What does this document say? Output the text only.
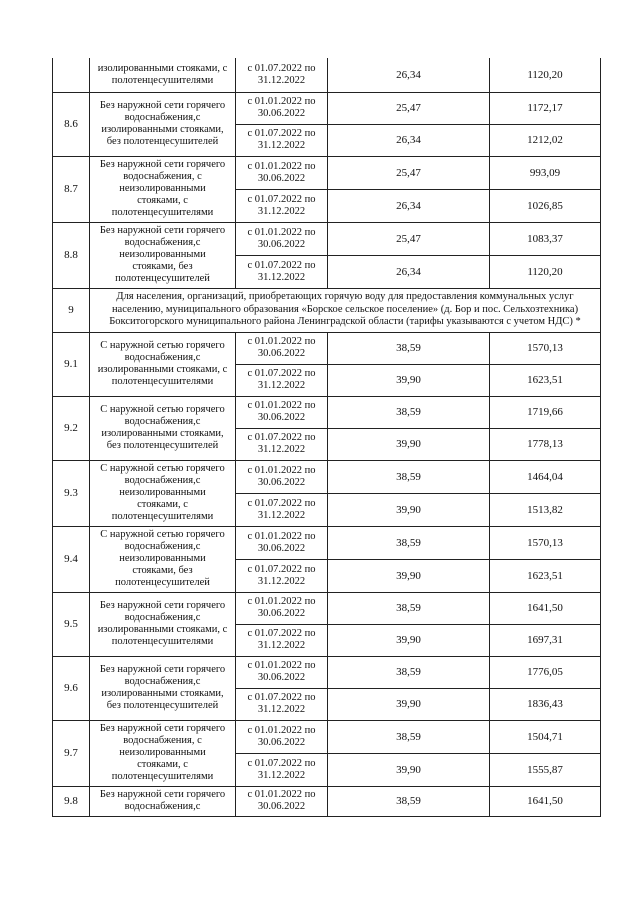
	изолированными стояками, с
полотенцесушителями	с 01.07.2022 по
31.12.2022	26,34	1120,20
8.6	Без наружной сети горячего
водоснабжения,с
изолированными стояками,
без полотенцесушителей	с 01.01.2022 по
30.06.2022	25,47	1172,17

		с 01.07.2022 по
31.12.2022	26,34	1212,02
8.7	Без наружной сети горячего
водоснабжения, с
неизолированными
стояками, с
полотенцесушителями	с 01.01.2022 по
30.06.2022	25,47	993,09

		с 01.07.2022 по
31.12.2022	26,34	1026,85
8.8	Без наружной сети горячего
водоснабжения,с
неизолированными
стояками, без
полотенцесушителей	с 01.01.2022 по
30.06.2022	25,47	1083,37

		с 01.07.2022 по
31.12.2022	26,34	1120,20
9	Для населения, организаций, приобретающих горячую воду для предоставления коммунальных услуг
населению, муниципального образования «Борское сельское поселение» (д. Бор и пос. Сельхозтехника)
Бокситогорского муниципального района Ленинградской области (тарифы указываются с учетом НДС) *			

9.1	С наружной сетью горячего
водоснабжения,с
изолированными стояками, с
полотенцесушителями	с 01.01.2022 по
30.06.2022	38,59	1570,13

		с 01.07.2022 по
31.12.2022	39,90	1623,51
9.2	С наружной сетью горячего
водоснабжения,с
изолированными стояками,
без полотенцесушителей	с 01.01.2022 по
30.06.2022	38,59	1719,66

		с 01.07.2022 по
31.12.2022	39,90	1778,13
9.3	С наружной сетью горячего
водоснабжения,с
неизолированными
стояками, с
полотенцесушителями	с 01.01.2022 по
30.06.2022	38,59	1464,04

		с 01.07.2022 по
31.12.2022	39,90	1513,82
9.4	С наружной сетью горячего
водоснабжения,с
неизолированными
стояками, без
полотенцесушителей	с 01.01.2022 по
30.06.2022	38,59	1570,13

		с 01.07.2022 по
31.12.2022	39,90	1623,51
9.5	Без наружной сети горячего
водоснабжения,с
изолированными стояками, с
полотенцесушителями	с 01.01.2022 по
30.06.2022	38,59	1641,50

		с 01.07.2022 по
31.12.2022	39,90	1697,31
9.6	Без наружной сети горячего
водоснабжения,с
изолированными стояками,
без полотенцесушителей	с 01.01.2022 по
30.06.2022	38,59	1776,05

		с 01.07.2022 по
31.12.2022	39,90	1836,43
9.7	Без наружной сети горячего
водоснабжения, с
неизолированными
стояками, с
полотенцесушителями	с 01.01.2022 по
30.06.2022	38,59	1504,71

		с 01.07.2022 по
31.12.2022	39,90	1555,87
9.8	Без наружной сети горячего
водоснабжения,с	с 01.01.2022 по
30.06.2022	38,59	1641,50
